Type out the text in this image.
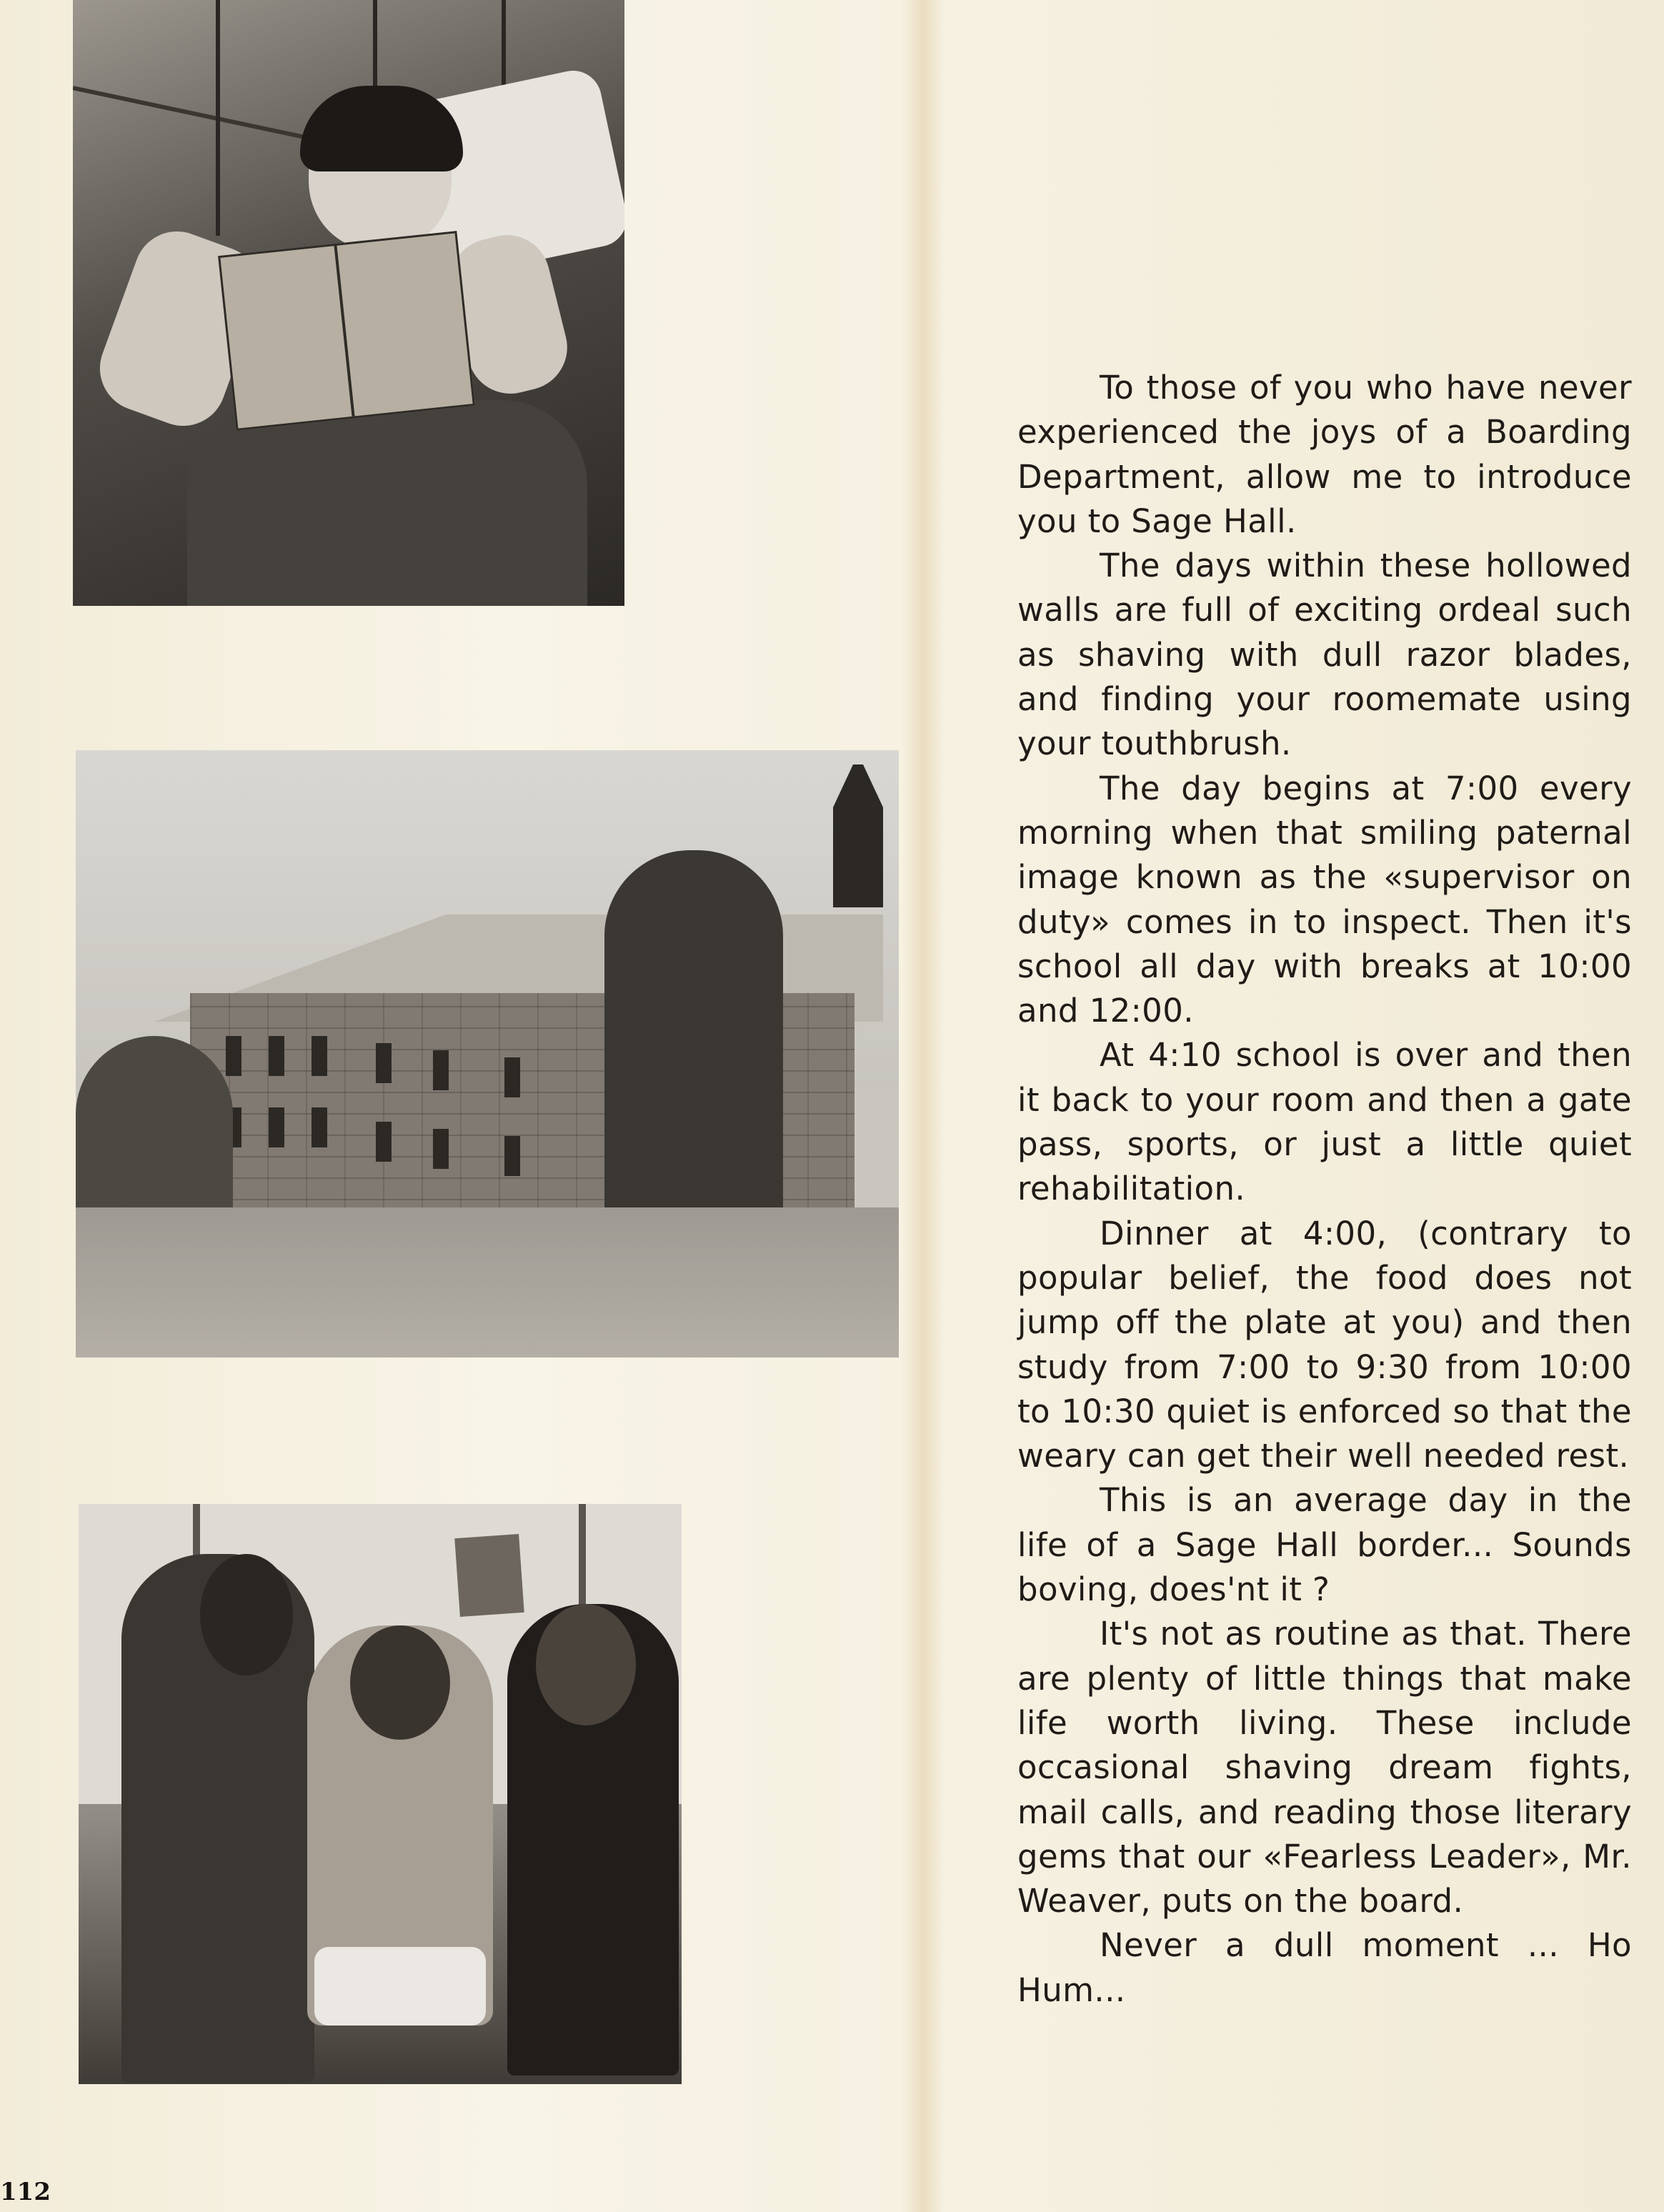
To those of you who have never experienced the joys of a Boarding Department, allow me to introduce you to Sage Hall.

The days within these hollowed walls are full of exciting ordeal such as shaving with dull razor blades, and finding your roomemate using your touthbrush.

The day begins at 7:00 every morning when that smiling paternal image known as the «supervisor on duty» comes in to inspect. Then it's school all day with breaks at 10:00 and 12:00.

At 4:10 school is over and then it back to your room and then a gate pass, sports, or just a little quiet rehabilitation.

Dinner at 4:00, (contrary to popular belief, the food does not jump off the plate at you) and then study from 7:00 to 9:30 from 10:00 to 10:30 quiet is enforced so that the weary can get their well needed rest.

This is an average day in the life of a Sage Hall border... Sounds boving, does'nt it ?

It's not as routine as that. There are plenty of little things that make life worth living. These include occasional shaving dream fights, mail calls, and reading those literary gems that our «Fearless Leader», Mr. Weaver, puts on the board.

Never a dull moment ... Ho Hum...

112
